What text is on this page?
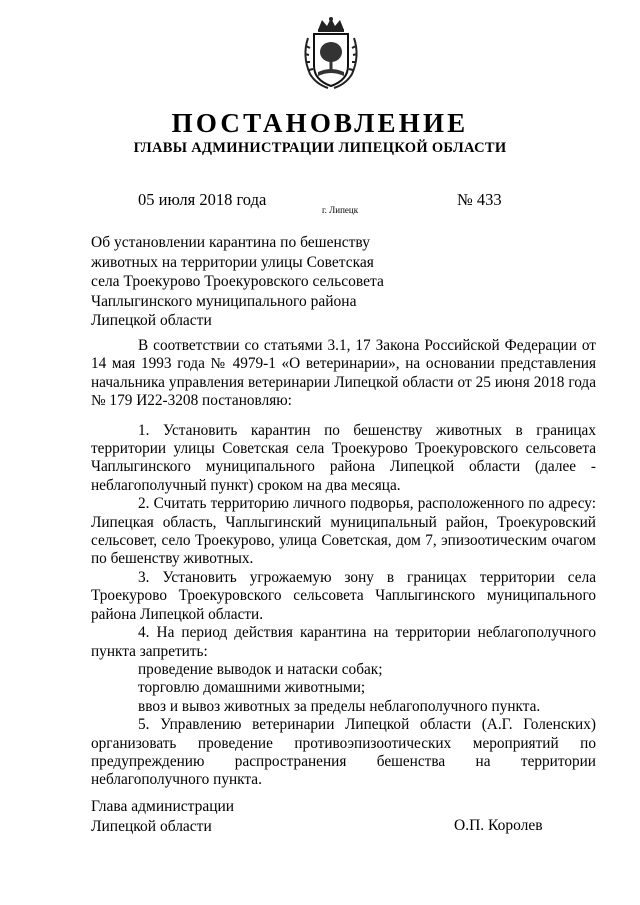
ПОСТАНОВЛЕНИЕ
ГЛАВЫ АДМИНИСТРАЦИИ ЛИПЕЦКОЙ ОБЛАСТИ
05 июля 2018 года
г. Липецк
№ 433
Об установлении карантина по бешенству
животных на территории улицы Советская
села Троекурово Троекуровского сельсовета
Чаплыгинского муниципального района
Липецкой области

В соответствии со статьями 3.1, 17 Закона Российской Федерации от 14 мая 1993 года № 4979-1 «О ветеринарии», на основании представления начальника управления ветеринарии Липецкой области от 25 июня 2018 года № 179 И22-3208 постановляю:

1. Установить карантин по бешенству животных в границах территории улицы Советская села Троекурово Троекуровского сельсовета Чаплыгинского муниципального района Липецкой области (далее - неблагополучный пункт) сроком на два месяца.

2. Считать территорию личного подворья, расположенного по адресу: Липецкая область, Чаплыгинский муниципальный район, Троекуровский сельсовет, село Троекурово, улица Советская, дом 7, эпизоотическим очагом по бешенству животных.

3. Установить угрожаемую зону в границах территории села Троекурово Троекуровского сельсовета Чаплыгинского муниципального района Липецкой области.

4. На период действия карантина на территории неблагополучного пункта запретить:

проведение выводок и натаски собак;

торговлю домашними животными;

ввоз и вывоз животных за пределы неблагополучного пункта.

5. Управлению ветеринарии Липецкой области (А.Г. Голенских) организовать проведение противоэпизоотических мероприятий по предупреждению распространения бешенства на территории неблагополучного пункта.

Глава администрации
Липецкой области	О.П. Королев
